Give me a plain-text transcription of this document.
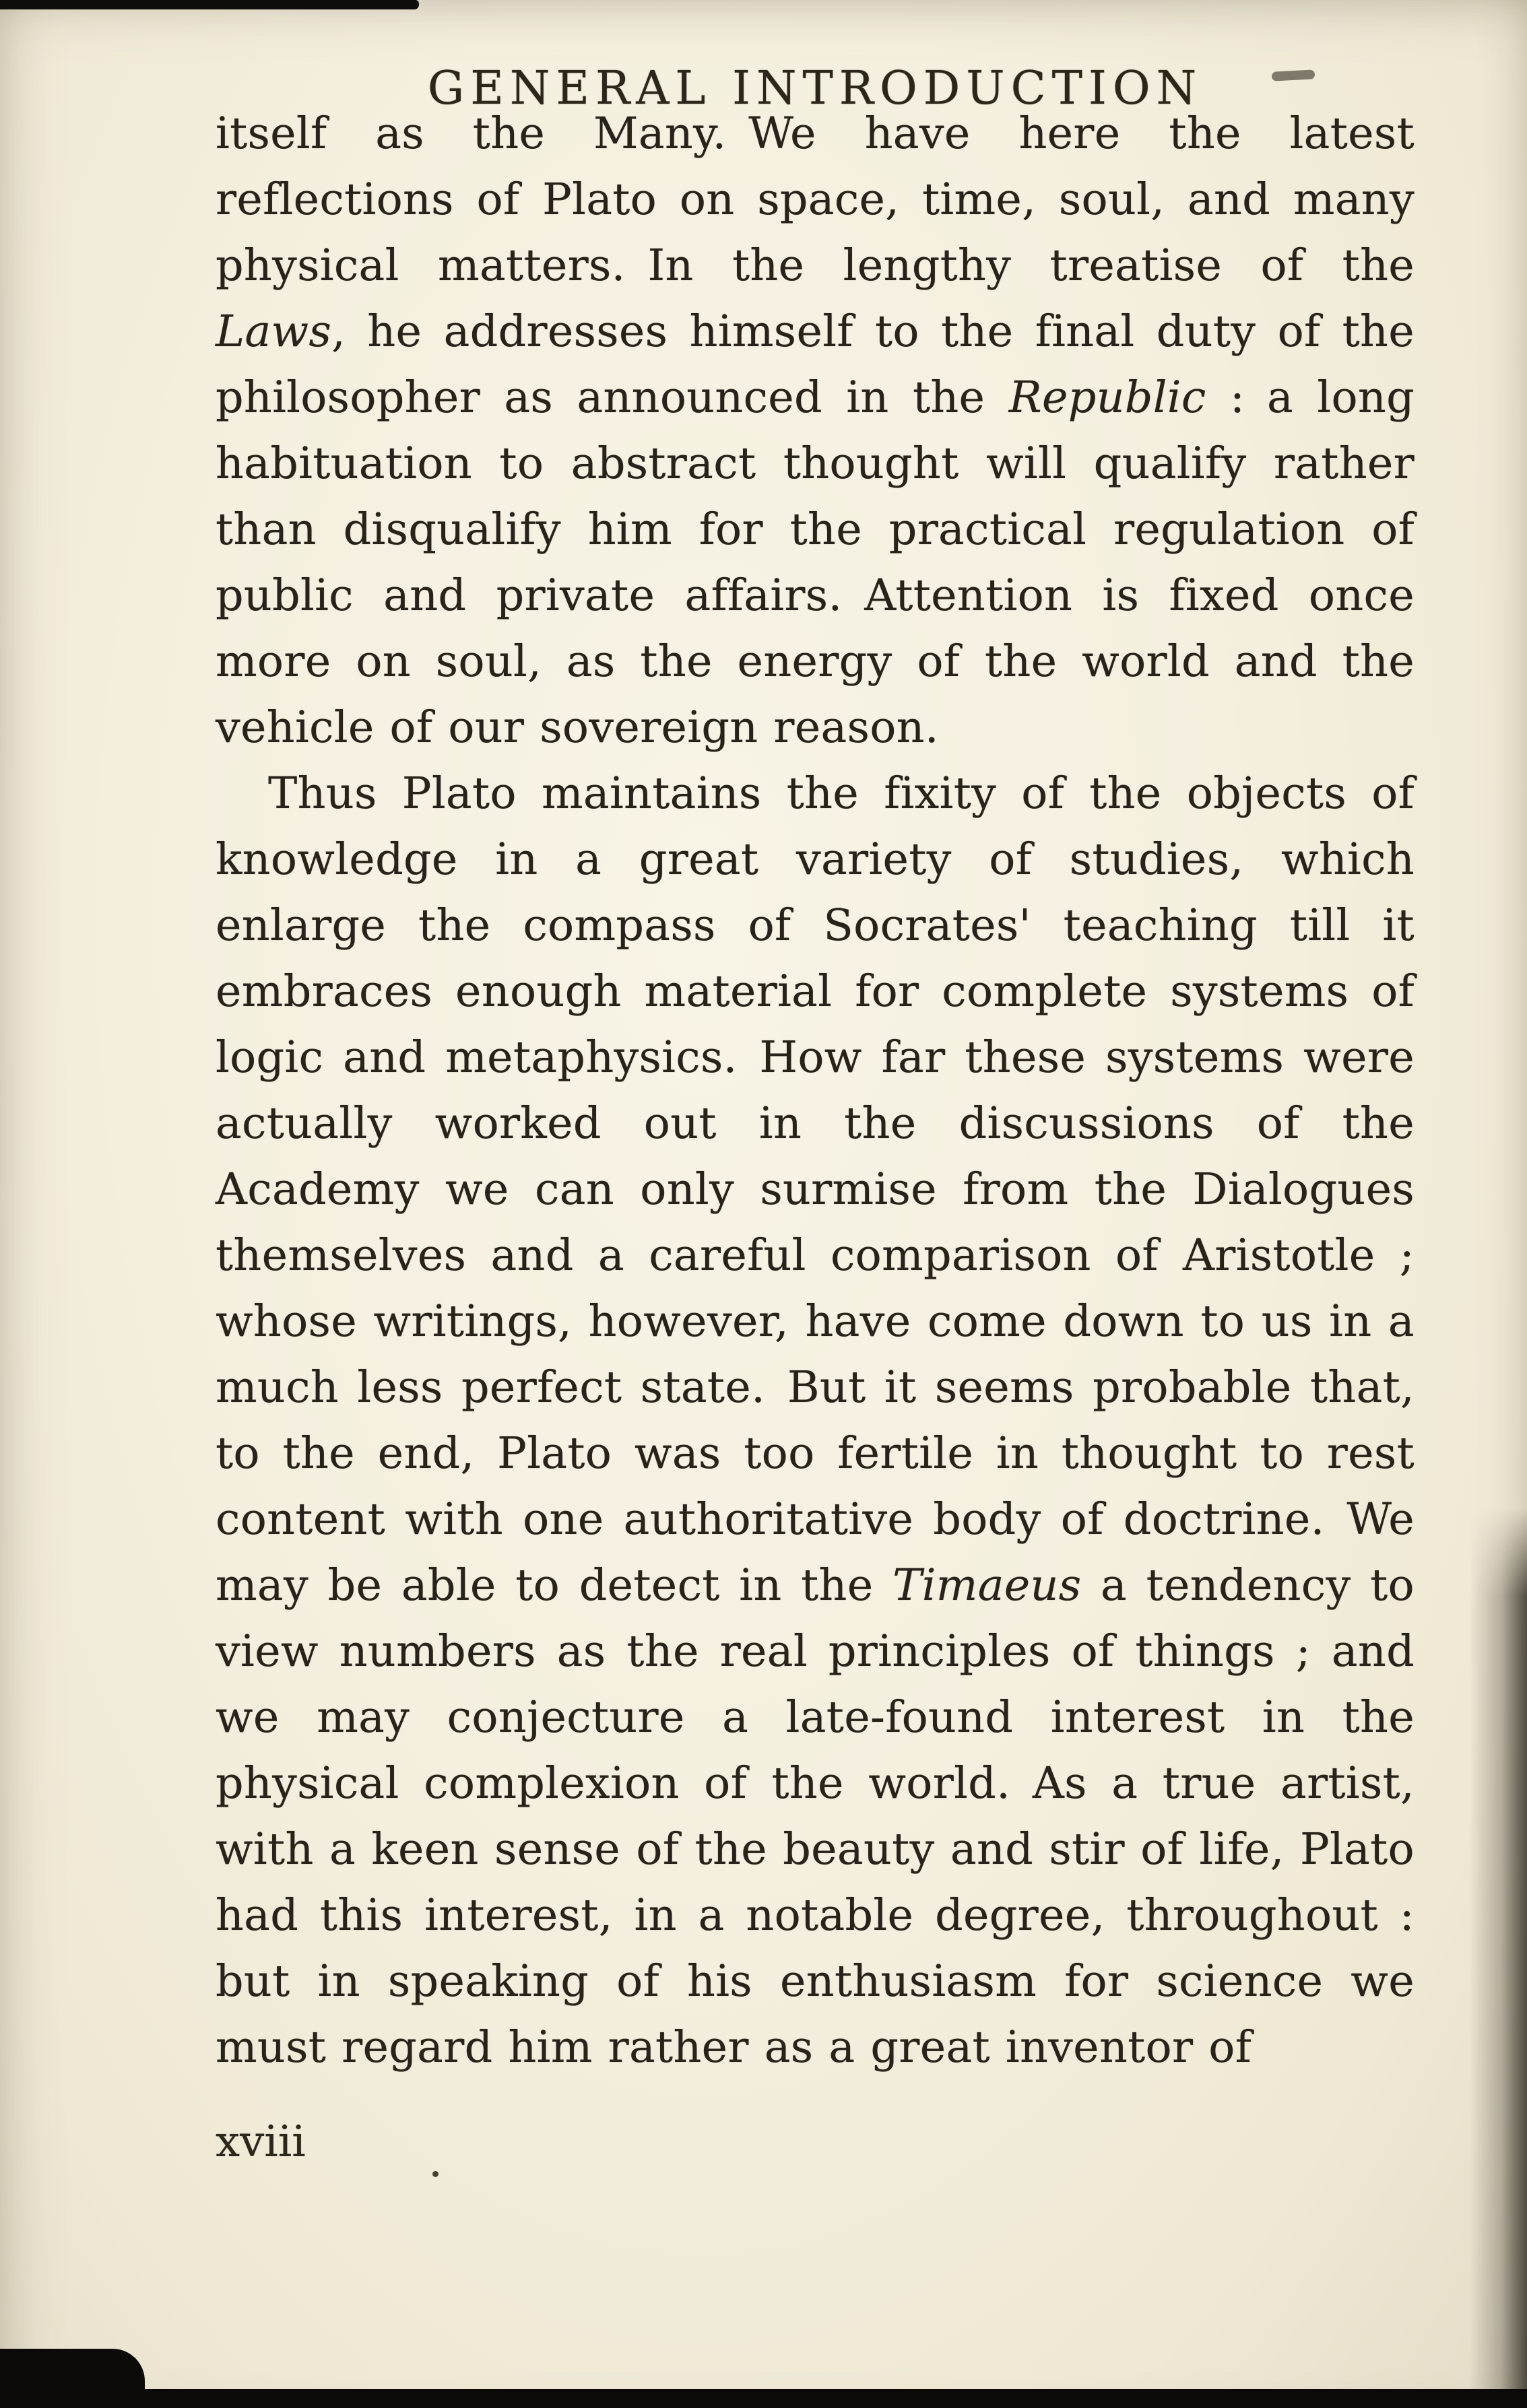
GENERAL INTRODUCTION

itself as the Many. We have here the latest reflections of Plato on space, time, soul, and many physical matters. In the lengthy treatise of the Laws, he addresses himself to the final duty of the philosopher as announced in the Republic : a long habituation to abstract thought will qualify rather than disqualify him for the practical regulation of public and private affairs. Attention is fixed once more on soul, as the energy of the world and the vehicle of our sovereign reason.

Thus Plato maintains the fixity of the objects of knowledge in a great variety of studies, which enlarge the compass of Socrates' teaching till it embraces enough material for complete systems of logic and metaphysics. How far these systems were actually worked out in the discussions of the Academy we can only surmise from the Dialogues themselves and a careful comparison of Aristotle ; whose writings, however, have come down to us in a much less perfect state. But it seems probable that, to the end, Plato was too fertile in thought to rest content with one authoritative body of doctrine. We may be able to detect in the Timaeus a tendency to view numbers as the real principles of things ; and we may conjecture a late-found interest in the physical complexion of the world. As a true artist, with a keen sense of the beauty and stir of life, Plato had this interest, in a notable degree, throughout : but in speaking of his enthusiasm for science we must regard him rather as a great inventor of

xviii
